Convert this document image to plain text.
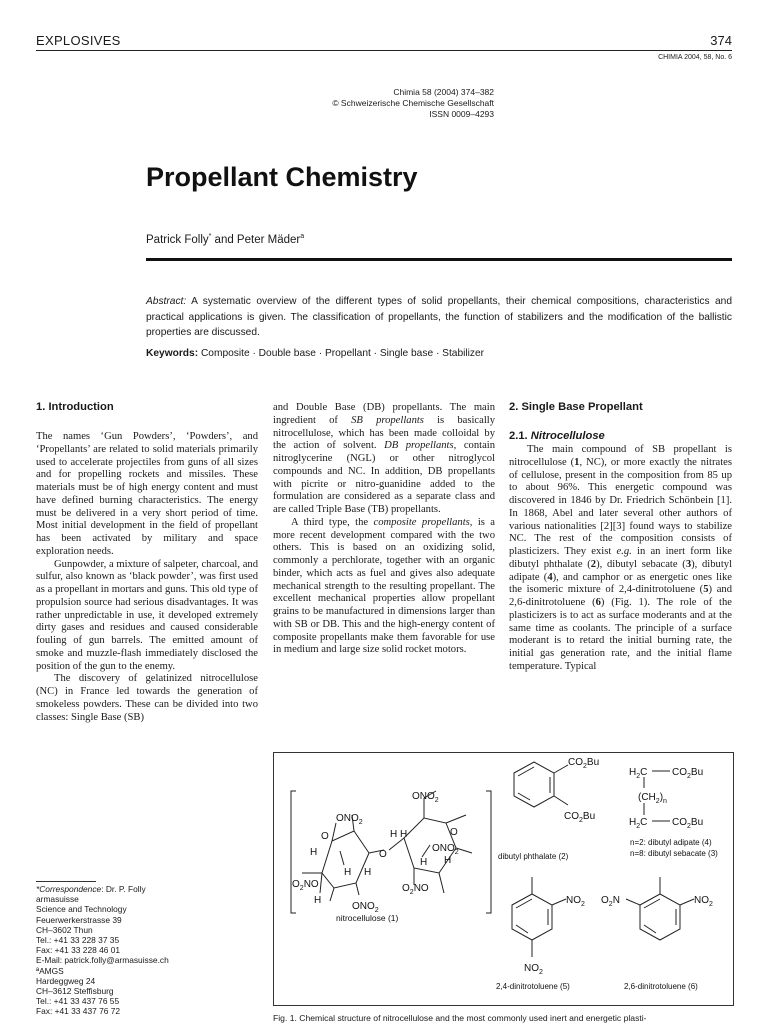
EXPLOSIVES	374
CHIMIA 2004, 58, No. 6
Chimia 58 (2004) 374–382
© Schweizerische Chemische Gesellschaft
ISSN 0009–4293
Propellant Chemistry
Patrick Folly* and Peter Mäder$^a$
Abstract: A systematic overview of the different types of solid propellants, their chemical compositions, characteristics and practical applications is given. The classification of propellants, the function of stabilizers and the modification of the ballistic properties are discussed.
Keywords: Composite · Double base · Propellant · Single base · Stabilizer
1. Introduction

The names ‘Gun Powders’, ‘Powders’, and ‘Propellants’ are related to solid materials primarily used to accelerate projectiles from guns of all sizes and for propelling rockets and missiles. These materials must be of high energy content and must have defined burning characteristics. The energy must be delivered in a very short period of time. Most initial development in the field of propellant has been activated by military and space exploration needs.

Gunpowder, a mixture of salpeter, charcoal, and sulfur, also known as ‘black powder’, was first used as a propellant in mortars and guns. This old type of propulsion source had serious disadvantages. It was rather unpredictable in use, it developed extremely dirty gases and residues and caused considerable fouling of gun barrels. The emitted amount of smoke and muzzle-flash immediately disclosed the position of the gun to the enemy.

The discovery of gelatinized nitrocellulose (NC) in France led towards the generation of smokeless powders. These can be divided into two classes: Single Base (SB)

and Double Base (DB) propellants. The main ingredient of SB propellants is basically nitrocellulose, which has been made colloidal by the action of solvent. DB propellants, contain nitroglycerine (NGL) or other nitroglycol compounds and NC. In addition, DB propellants with picrite or nitro-guanidine added to the formulation are considered as a separate class and are called Triple Base (TB) propellants.

A third type, the composite propellants, is a more recent development compared with the two others. This is based on an oxidizing solid, commonly a perchlorate, together with an organic binder, which acts as fuel and gives also adequate mechanical strength to the resulting propellant. The excellent mechanical properties allow propellant grains to be manufactured in dimensions larger than with SB or DB. This and the high-energy content of composite propellants make them favorable for use in medium and large size solid rocket motors.

2. Single Base Propellant
2.1. Nitrocellulose

The main compound of SB propellant is nitrocellulose (1, NC), or more exactly the nitrates of cellulose, present in the composition from 85 up to about 96%. This energetic compound was discovered in 1846 by Dr. Friedrich Schönbein [1]. In 1868, Abel and later several other authors of various nationalities [2][3] found ways to stabilize NC. The rest of the composition consists of plasticizers. They exist e.g. in an inert form like dibutyl phthalate (2), dibutyl sebacate (3), dibutyl adipate (4), and camphor or as energetic ones like the isomeric mixture of 2,4-dinitrotoluene (5) and 2,6-dinitrotoluene (6) (Fig. 1). The role of the plasticizers is to act as surface moderants and at the same time as coolants. The principle of a surface moderant is to retard the initial burning rate, the initial gas generation rate, and the initial flame temperature. Typical

*Correspondence: Dr. P. Folly
armasuisse
Science and Technology
Feuerwerkerstrasse 39
CH–3602 Thun
Tel.: +41 33 228 37 35
Fax: +41 33 228 46 01
E-Mail: patrick.folly@armasuisse.ch
ªAMGS
Hardeggweg 24
CH–3612 Steffisburg
Tel.: +41 33 437 76 55
Fax: +41 33 437 76 72
$ONO_2$
$ONO_2$
$ONO_2$
$ONO_2$
$O_2NO$	$O_2NO$
O
O
O
H
H H
H
H H
H
H
nitrocellulose (1)
$CO_2Bu$
$CO_2Bu$
dibutyl phthalate (2)
$H_2C$ $CO_2Bu$
$(CH_2)_n$
$H_2C$ $CO_2Bu$
n=2: dibutyl adipate (4)
n=8: dibutyl sebacate (3)
$NO_2$
$NO_2$
2,4-dinitrotoluene (5)
$O_2N$	$NO_2$
2,6-dinitrotoluene (6)
Fig. 1. Chemical structure of nitrocellulose and the most commonly used inert and energetic plasti-
